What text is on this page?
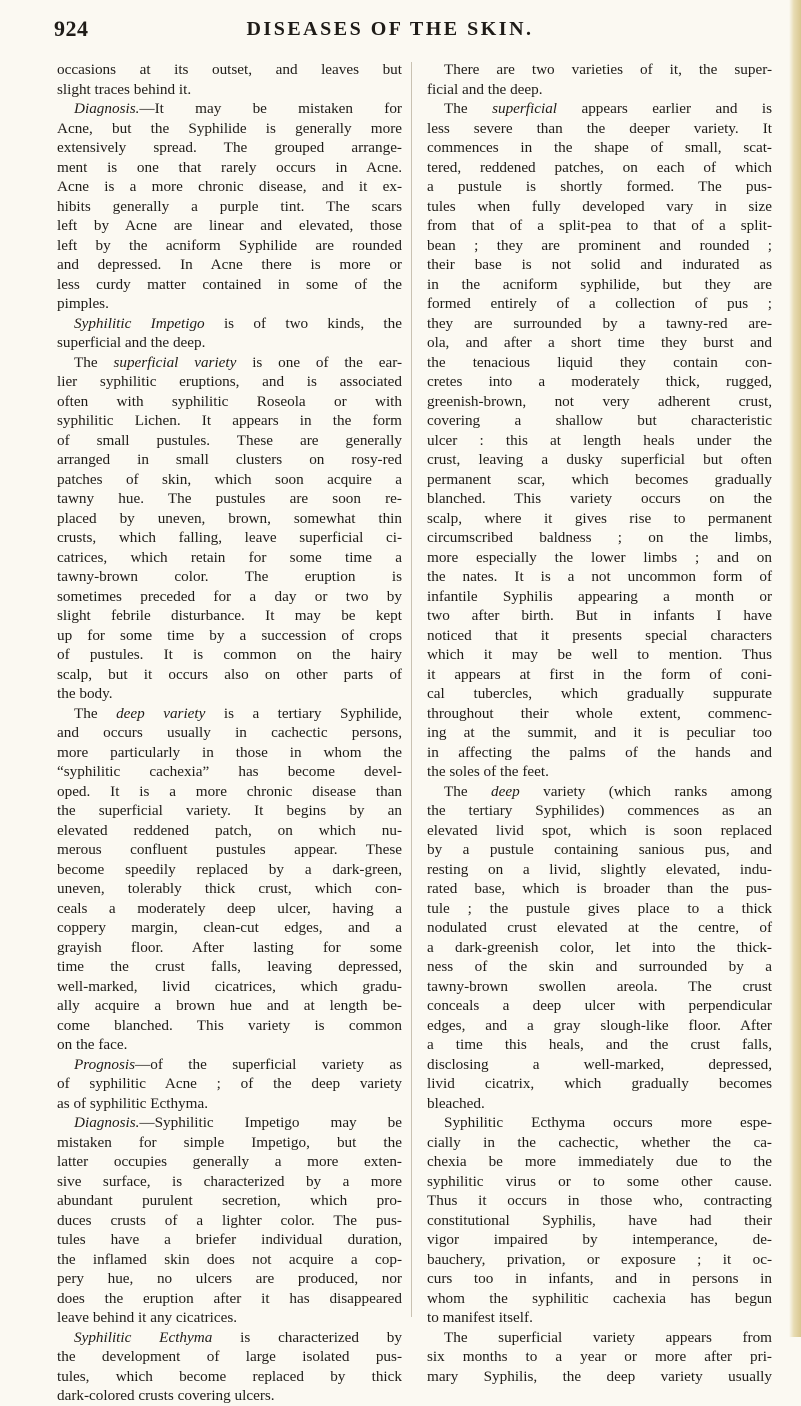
924	DISEASES OF THE SKIN.
occasions at its outset, and leaves but
slight traces behind it.
Diagnosis.—It may be mistaken for
Acne, but the Syphilide is generally more
extensively spread. The grouped arrange-
ment is one that rarely occurs in Acne.
Acne is a more chronic disease, and it ex-
hibits generally a purple tint. The scars
left by Acne are linear and elevated, those
left by the acniform Syphilide are rounded
and depressed. In Acne there is more or
less curdy matter contained in some of the
pimples.
Syphilitic Impetigo is of two kinds, the
superficial and the deep.
The superficial variety is one of the ear-
lier syphilitic eruptions, and is associated
often with syphilitic Roseola or with
syphilitic Lichen. It appears in the form
of small pustules. These are generally
arranged in small clusters on rosy-red
patches of skin, which soon acquire a
tawny hue. The pustules are soon re-
placed by uneven, brown, somewhat thin
crusts, which falling, leave superficial ci-
catrices, which retain for some time a
tawny-brown color. The eruption is
sometimes preceded for a day or two by
slight febrile disturbance. It may be kept
up for some time by a succession of crops
of pustules. It is common on the hairy
scalp, but it occurs also on other parts of
the body.
The deep variety is a tertiary Syphilide,
and occurs usually in cachectic persons,
more particularly in those in whom the
“syphilitic cachexia” has become devel-
oped. It is a more chronic disease than
the superficial variety. It begins by an
elevated reddened patch, on which nu-
merous confluent pustules appear. These
become speedily replaced by a dark-green,
uneven, tolerably thick crust, which con-
ceals a moderately deep ulcer, having a
coppery margin, clean-cut edges, and a
grayish floor. After lasting for some
time the crust falls, leaving depressed,
well-marked, livid cicatrices, which gradu-
ally acquire a brown hue and at length be-
come blanched. This variety is common
on the face.
Prognosis—of the superficial variety as
of syphilitic Acne ; of the deep variety
as of syphilitic Ecthyma.
Diagnosis.—Syphilitic Impetigo may be
mistaken for simple Impetigo, but the
latter occupies generally a more exten-
sive surface, is characterized by a more
abundant purulent secretion, which pro-
duces crusts of a lighter color. The pus-
tules have a briefer individual duration,
the inflamed skin does not acquire a cop-
pery hue, no ulcers are produced, nor
does the eruption after it has disappeared
leave behind it any cicatrices.
Syphilitic Ecthyma is characterized by
the development of large isolated pus-
tules, which become replaced by thick
dark-colored crusts covering ulcers.
There are two varieties of it, the super-
ficial and the deep.
The superficial appears earlier and is
less severe than the deeper variety. It
commences in the shape of small, scat-
tered, reddened patches, on each of which
a pustule is shortly formed. The pus-
tules when fully developed vary in size
from that of a split-pea to that of a split-
bean ; they are prominent and rounded ;
their base is not solid and indurated as
in the acniform syphilide, but they are
formed entirely of a collection of pus ;
they are surrounded by a tawny-red are-
ola, and after a short time they burst and
the tenacious liquid they contain con-
cretes into a moderately thick, rugged,
greenish-brown, not very adherent crust,
covering a shallow but characteristic
ulcer : this at length heals under the
crust, leaving a dusky superficial but often
permanent scar, which becomes gradually
blanched. This variety occurs on the
scalp, where it gives rise to permanent
circumscribed baldness ; on the limbs,
more especially the lower limbs ; and on
the nates. It is a not uncommon form of
infantile Syphilis appearing a month or
two after birth. But in infants I have
noticed that it presents special characters
which it may be well to mention. Thus
it appears at first in the form of coni-
cal tubercles, which gradually suppurate
throughout their whole extent, commenc-
ing at the summit, and it is peculiar too
in affecting the palms of the hands and
the soles of the feet.
The deep variety (which ranks among
the tertiary Syphilides) commences as an
elevated livid spot, which is soon replaced
by a pustule containing sanious pus, and
resting on a livid, slightly elevated, indu-
rated base, which is broader than the pus-
tule ; the pustule gives place to a thick
nodulated crust elevated at the centre, of
a dark-greenish color, let into the thick-
ness of the skin and surrounded by a
tawny-brown swollen areola. The crust
conceals a deep ulcer with perpendicular
edges, and a gray slough-like floor. After
a time this heals, and the crust falls,
disclosing a well-marked, depressed,
livid cicatrix, which gradually becomes
bleached.
Syphilitic Ecthyma occurs more espe-
cially in the cachectic, whether the ca-
chexia be more immediately due to the
syphilitic virus or to some other cause.
Thus it occurs in those who, contracting
constitutional Syphilis, have had their
vigor impaired by intemperance, de-
bauchery, privation, or exposure ; it oc-
curs too in infants, and in persons in
whom the syphilitic cachexia has begun
to manifest itself.
The superficial variety appears from
six months to a year or more after pri-
mary Syphilis, the deep variety usually
